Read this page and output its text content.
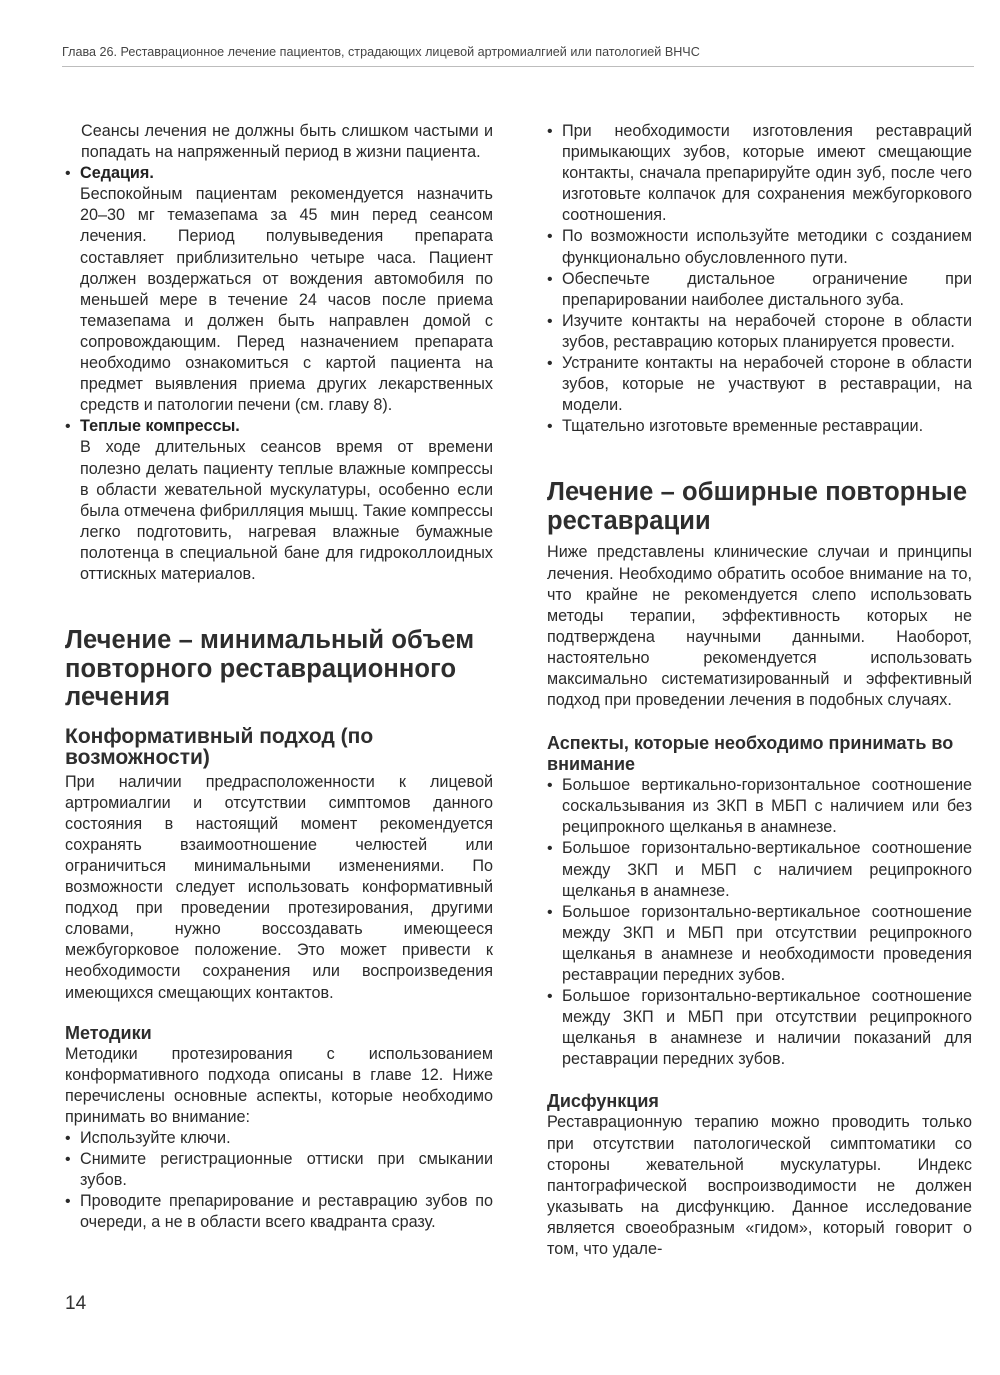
Глава 26. Реставрационное лечение пациентов, страдающих лицевой артромиалгией или патологией ВНЧС

Сеансы лечения не должны быть слишком частыми и попадать на напряженный период в жизни пациента.

• Седация.

Беспокойным пациентам рекомендуется назначить 20–30 мг темазепама за 45 мин перед сеансом лечения. Период полувыведения препарата составляет приблизительно четыре часа. Пациент должен воздержаться от вождения автомобиля по меньшей мере в течение 24 часов после приема темазепама и должен быть направлен домой с сопровождающим. Перед назначением препарата необходимо ознакомиться с картой пациента на предмет выявления приема других лекарственных средств и патологии печени (см. главу 8).

• Теплые компрессы.

В ходе длительных сеансов время от времени полезно делать пациенту теплые влажные компрессы в области жевательной мускулатуры, особенно если была отмечена фибрилляция мышц. Такие компрессы легко подготовить, нагревая влажные бумажные полотенца в специальной бане для гидроколлоидных оттискных материалов.

Лечение – минимальный объем повторного реставрационного лечения
Конформативный подход (по возможности)

При наличии предрасположенности к лицевой артромиалгии и отсутствии симптомов данного состояния в настоящий момент рекомендуется сохранять взаимоотношение челюстей или ограничиться минимальными изменениями. По возможности следует использовать конформативный подход при проведении протезирования, другими словами, нужно воссоздавать имеющееся межбугорковое положение. Это может привести к необходимости сохранения или воспроизведения имеющихся смещающих контактов.

Методики

Методики протезирования с использованием конформативного подхода описаны в главе 12. Ниже перечислены основные аспекты, которые необходимо принимать во внимание:

• Используйте ключи.
• Снимите регистрационные оттиски при смыкании зубов.
• Проводите препарирование и реставрацию зубов по очереди, а не в области всего квадранта сразу.
• При необходимости изготовления реставраций примыкающих зубов, которые имеют смещающие контакты, сначала препарируйте один зуб, после чего изготовьте колпачок для сохранения межбугоркового соотношения.
• По возможности используйте методики с созданием функционально обусловленного пути.
• Обеспечьте дистальное ограничение при препарировании наиболее дистального зуба.
• Изучите контакты на нерабочей стороне в области зубов, реставрацию которых планируется провести.
• Устраните контакты на нерабочей стороне в области зубов, которые не участвуют в реставрации, на модели.
• Тщательно изготовьте временные реставрации.
Лечение – обширные повторные реставрации

Ниже представлены клинические случаи и принципы лечения. Необходимо обратить особое внимание на то, что крайне не рекомендуется слепо использовать методы терапии, эффективность которых не подтверждена научными данными. Наоборот, настоятельно рекомендуется использовать максимально систематизированный и эффективный подход при проведении лечения в подобных случаях.

Аспекты, которые необходимо принимать во внимание
• Большое вертикально-горизонтальное соотношение соскальзывания из ЗКП в МБП с наличием или без реципрокного щелканья в анамнезе.
• Большое горизонтально-вертикальное соотношение между ЗКП и МБП с наличием реципрокного щелканья в анамнезе.
• Большое горизонтально-вертикальное соотношение между ЗКП и МБП при отсутствии реципрокного щелканья в анамнезе и необходимости проведения реставрации передних зубов.
• Большое горизонтально-вертикальное соотношение между ЗКП и МБП при отсутствии реципрокного щелканья в анамнезе и наличии показаний для реставрации передних зубов.
Дисфункция

Реставрационную терапию можно проводить только при отсутствии патологической симптоматики со стороны жевательной мускулатуры. Индекс пантографической воспроизводимости не должен указывать на дисфункцию. Данное исследование является своеобразным «гидом», который говорит о том, что удале-

14
